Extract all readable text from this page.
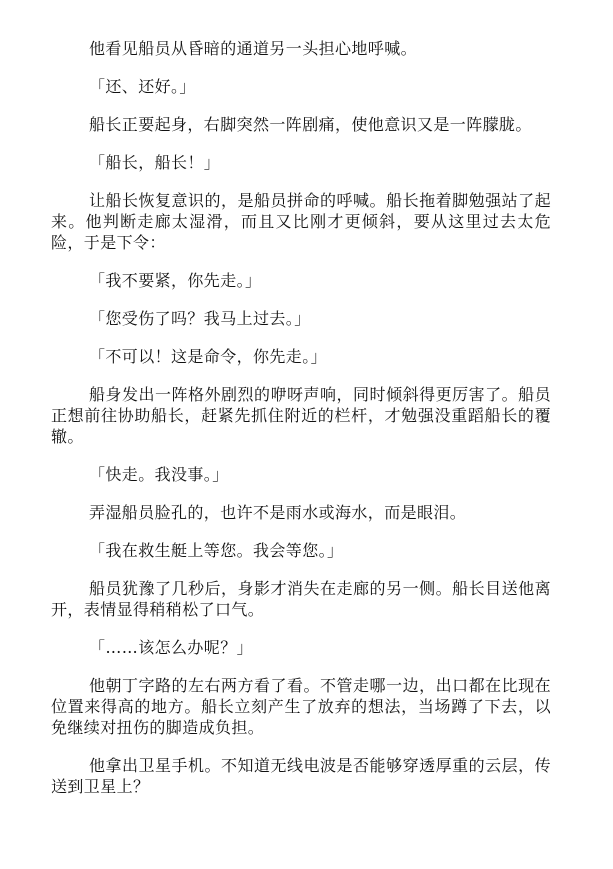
他看见船员从昏暗的通道另一头担心地呼喊。

「还、还好。」

船长正要起身，右脚突然一阵剧痛，使他意识又是一阵朦胧。

「船长，船长！」

让船长恢复意识的，是船员拼命的呼喊。船长拖着脚勉强站了起来。他判断走廊太湿滑，而且又比刚才更倾斜，要从这里过去太危险，于是下令：

「我不要紧，你先走。」

「您受伤了吗？我马上过去。」

「不可以！这是命令，你先走。」

船身发出一阵格外剧烈的咿呀声响，同时倾斜得更厉害了。船员正想前往协助船长，赶紧先抓住附近的栏杆，才勉强没重蹈船长的覆辙。

「快走。我没事。」

弄湿船员脸孔的，也许不是雨水或海水，而是眼泪。

「我在救生艇上等您。我会等您。」

船员犹豫了几秒后，身影才消失在走廊的另一侧。船长目送他离开，表情显得稍稍松了口气。

「……该怎么办呢？」

他朝丁字路的左右两方看了看。不管走哪一边，出口都在比现在位置来得高的地方。船长立刻产生了放弃的想法，当场蹲了下去，以免继续对扭伤的脚造成负担。

他拿出卫星手机。不知道无线电波是否能够穿透厚重的云层，传送到卫星上？
